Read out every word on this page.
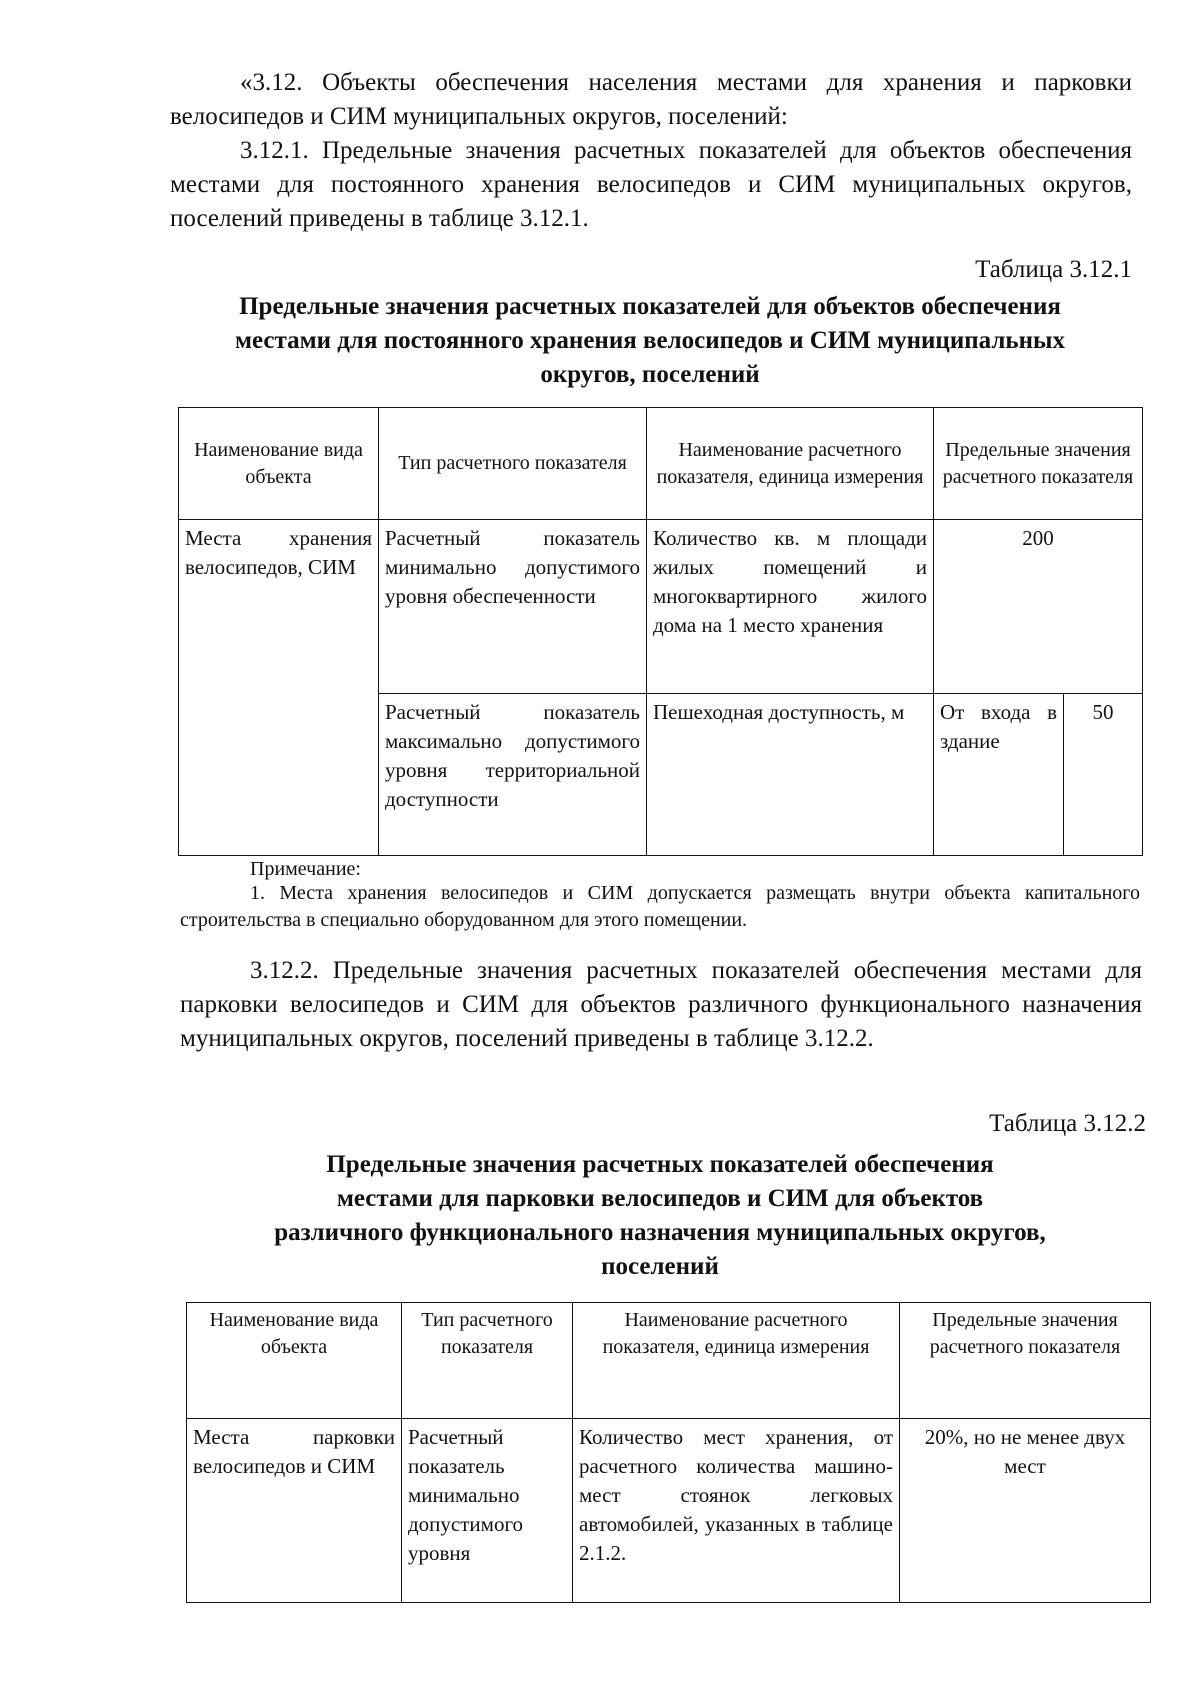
«3.12. Объекты обеспечения населения местами для хранения и парковки велосипедов и СИМ муниципальных округов, поселений:

3.12.1. Предельные значения расчетных показателей для объектов обеспечения местами для постоянного хранения велосипедов и СИМ муниципальных округов, поселений приведены в таблице 3.12.1.

Таблица 3.12.1
Предельные значения расчетных показателей для объектов обеспечения
местами для постоянного хранения велосипедов и СИМ муниципальных
округов, поселений
Наименование вида объекта	Тип расчетного показателя	Наименование расчетного показателя, единица измерения	Предельные значения расчетного показателя	
Места хранения велосипедов, СИМ	Расчетный показатель минимально допустимого уровня обеспеченности	Количество кв. м площади жилых помещений и многоквартирного жилого дома на 1 место хранения	200	
	Расчетный показатель максимально допустимого уровня территориальной доступности	Пешеходная доступность, м	От входа в здание	50
Примечание:
1. Места хранения велосипедов и СИМ допускается размещать внутри объекта капитального строительства в специально оборудованном для этого помещении.

3.12.2. Предельные значения расчетных показателей обеспечения местами для парковки велосипедов и СИМ для объектов различного функционального назначения муниципальных округов, поселений приведены в таблице 3.12.2.

Таблица 3.12.2
Предельные значения расчетных показателей обеспечения
местами для парковки велосипедов и СИМ для объектов
различного функционального назначения муниципальных округов,
поселений
Наименование вида объекта	Тип расчетного показателя	Наименование расчетного показателя, единица измерения	Предельные значения расчетного показателя
Места парковки велосипедов и СИМ	Расчетный показатель минимально допустимого уровня	Количество мест хранения, от расчетного количества машино-мест стоянок легковых автомобилей, указанных в таблице 2.1.2.	20%, но не менее двух мест
